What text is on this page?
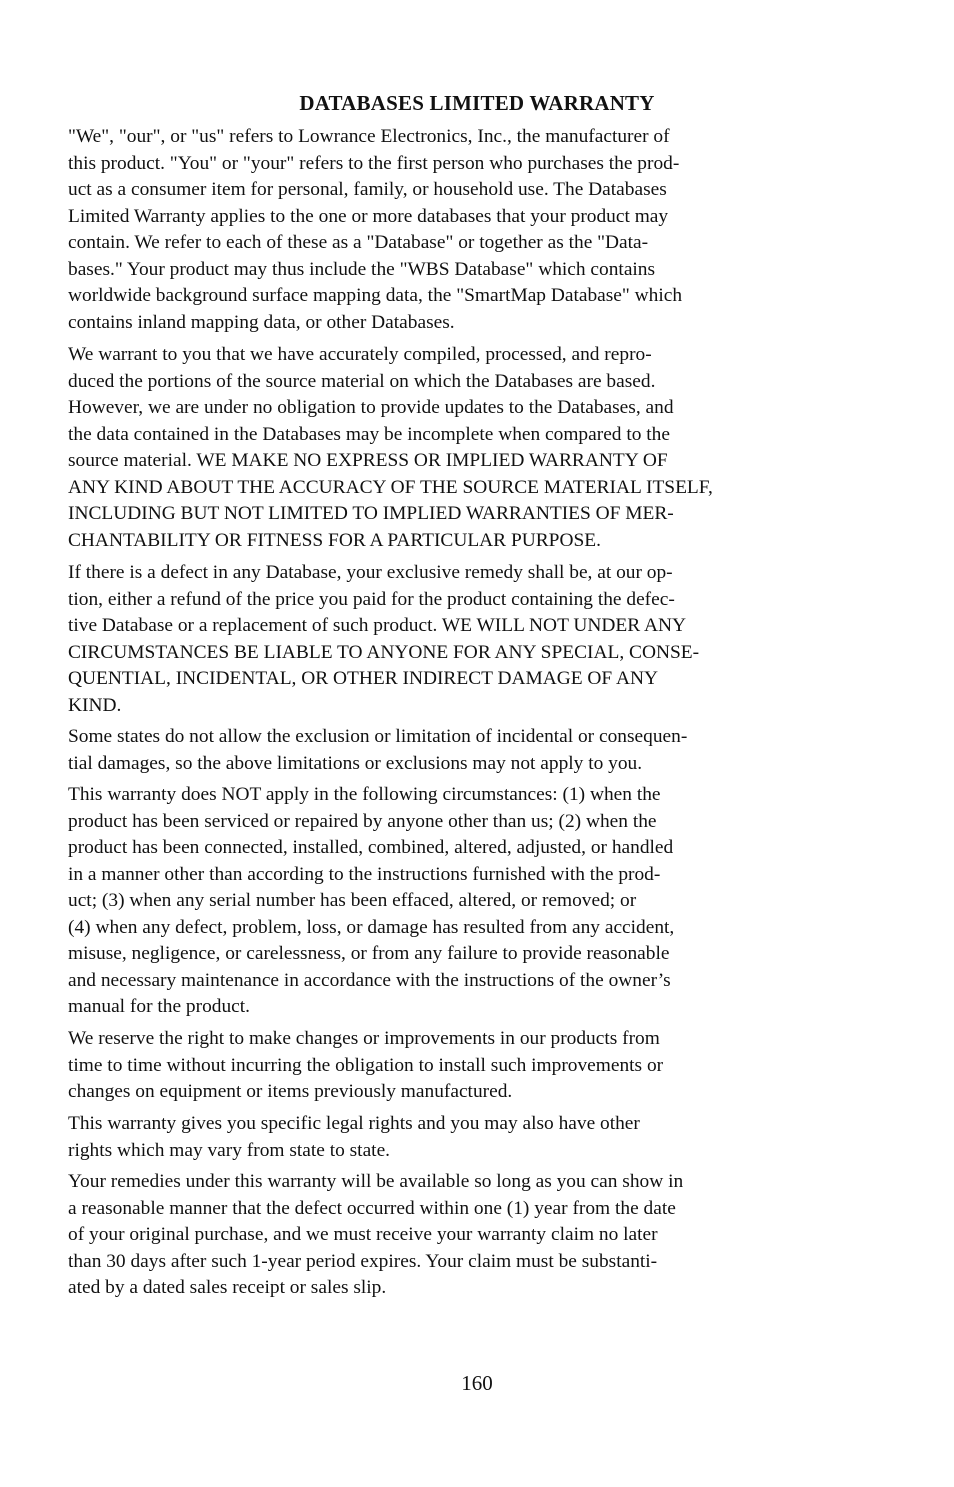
DATABASES LIMITED WARRANTY
"We", "our", or "us" refers to Lowrance Electronics, Inc., the manufacturer of
this product. "You" or "your" refers to the first person who purchases the prod-
uct as a consumer item for personal, family, or household use. The Databases
Limited Warranty applies to the one or more databases that your product may
contain. We refer to each of these as a "Database" or together as the "Data-
bases." Your product may thus include the "WBS Database" which contains
worldwide background surface mapping data, the "SmartMap Database" which
contains inland mapping data, or other Databases.
We warrant to you that we have accurately compiled, processed, and repro-
duced the portions of the source material on which the Databases are based.
However, we are under no obligation to provide updates to the Databases, and
the data contained in the Databases may be incomplete when compared to the
source material. WE MAKE NO EXPRESS OR IMPLIED WARRANTY OF
ANY KIND ABOUT THE ACCURACY OF THE SOURCE MATERIAL ITSELF,
INCLUDING BUT NOT LIMITED TO IMPLIED WARRANTIES OF MER-
CHANTABILITY OR FITNESS FOR A PARTICULAR PURPOSE.
If there is a defect in any Database, your exclusive remedy shall be, at our op-
tion, either a refund of the price you paid for the product containing the defec-
tive Database or a replacement of such product. WE WILL NOT UNDER ANY
CIRCUMSTANCES BE LIABLE TO ANYONE FOR ANY SPECIAL, CONSE-
QUENTIAL, INCIDENTAL, OR OTHER INDIRECT DAMAGE OF ANY
KIND.
Some states do not allow the exclusion or limitation of incidental or consequen-
tial damages, so the above limitations or exclusions may not apply to you.
This warranty does NOT apply in the following circumstances: (1) when the
product has been serviced or repaired by anyone other than us; (2) when the
product has been connected, installed, combined, altered, adjusted, or handled
in a manner other than according to the instructions furnished with the prod-
uct; (3) when any serial number has been effaced, altered, or removed; or
(4) when any defect, problem, loss, or damage has resulted from any accident,
misuse, negligence, or carelessness, or from any failure to provide reasonable
and necessary maintenance in accordance with the instructions of the owner’s
manual for the product.
We reserve the right to make changes or improvements in our products from
time to time without incurring the obligation to install such improvements or
changes on equipment or items previously manufactured.
This warranty gives you specific legal rights and you may also have other
rights which may vary from state to state.
Your remedies under this warranty will be available so long as you can show in
a reasonable manner that the defect occurred within one (1) year from the date
of your original purchase, and we must receive your warranty claim no later
than 30 days after such 1-year period expires. Your claim must be substanti-
ated by a dated sales receipt or sales slip.
160
